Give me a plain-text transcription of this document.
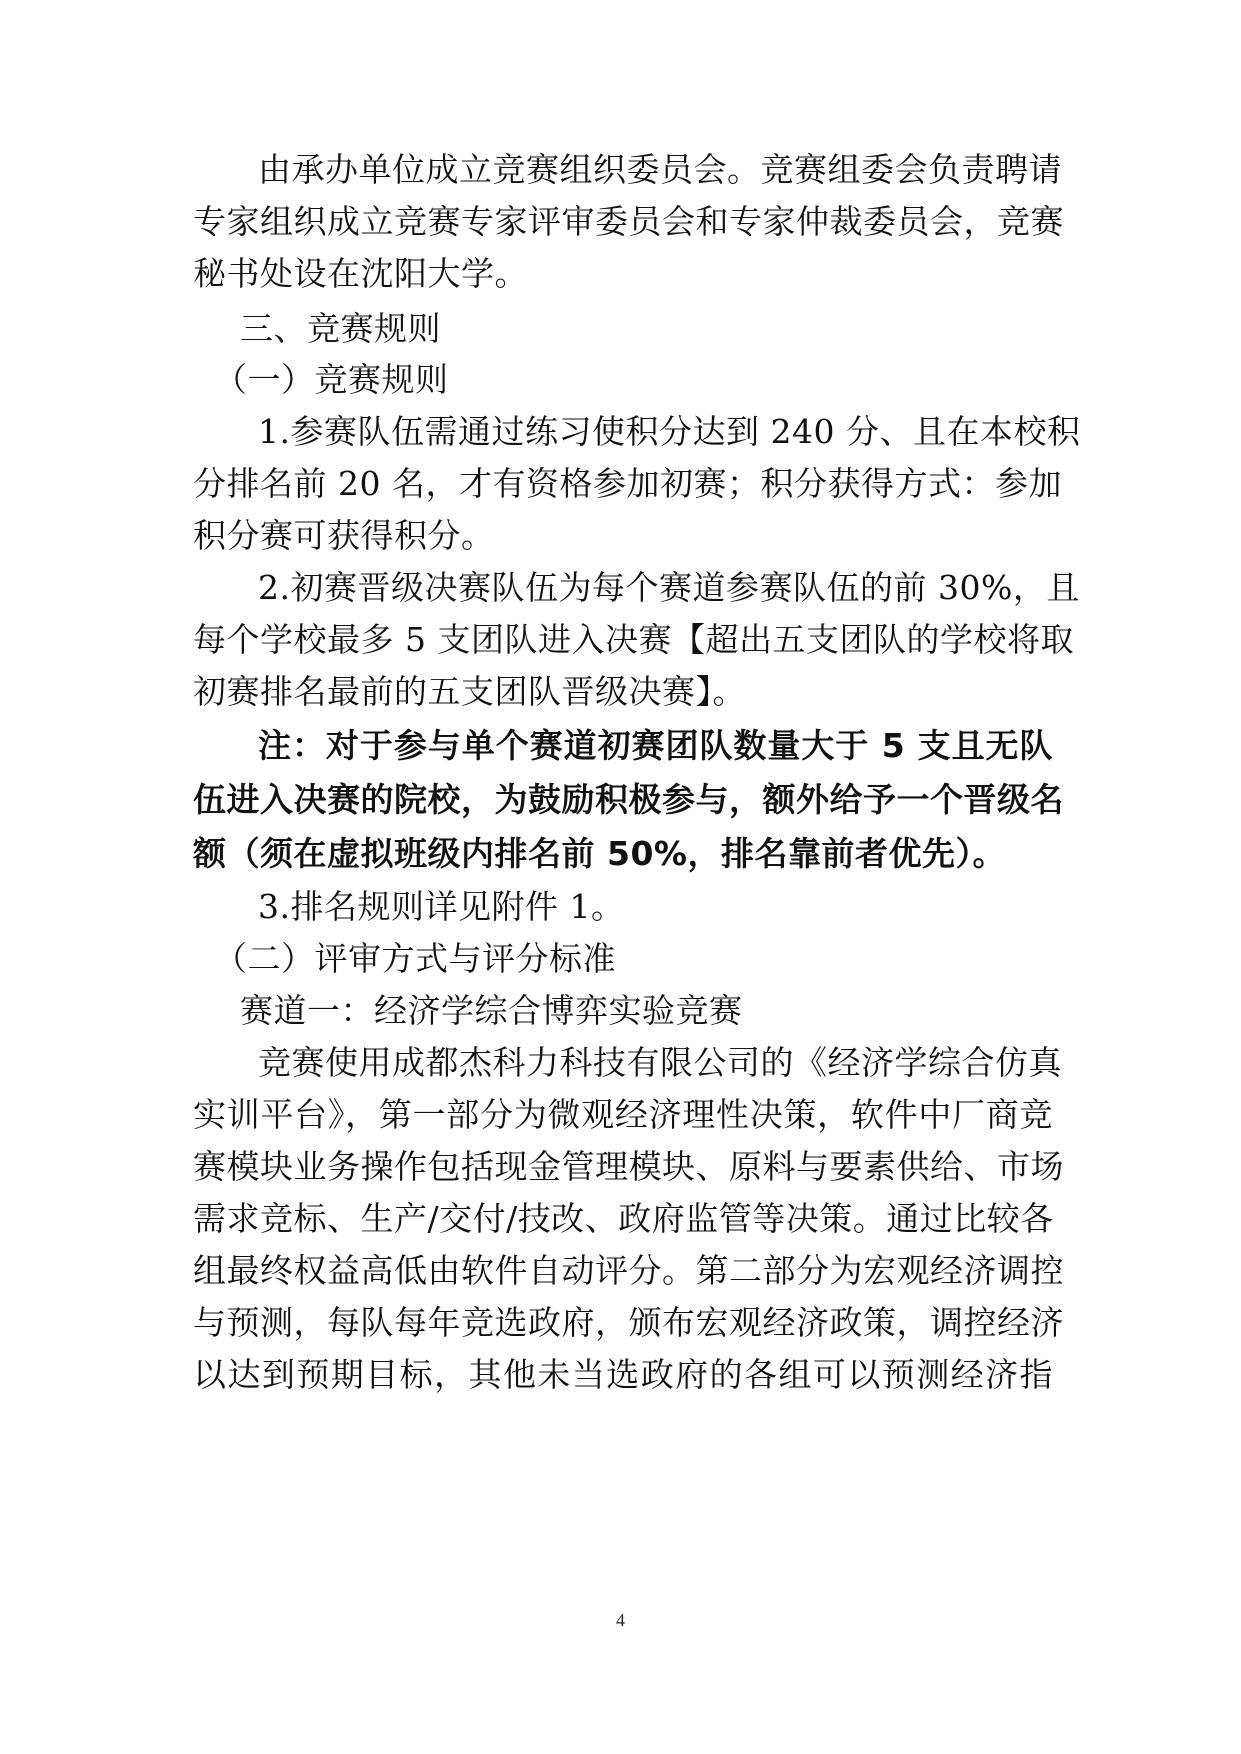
由承办单位成立竞赛组织委员会。竞赛组委会负责聘请
专家组织成立竞赛专家评审委员会和专家仲裁委员会，竞赛
秘书处设在沈阳大学。
三、竞赛规则
（一）竞赛规则
1.参赛队伍需通过练习使积分达到 240 分、且在本校积
分排名前 20 名，才有资格参加初赛；积分获得方式：参加
积分赛可获得积分。
2.初赛晋级决赛队伍为每个赛道参赛队伍的前 30%，且
每个学校最多 5 支团队进入决赛【超出五支团队的学校将取
初赛排名最前的五支团队晋级决赛】。
注：对于参与单个赛道初赛团队数量大于 5 支且无队
伍进入决赛的院校，为鼓励积极参与，额外给予一个晋级名
额（须在虚拟班级内排名前 50%，排名靠前者优先）。
3.排名规则详见附件 1。
（二）评审方式与评分标准
赛道一：经济学综合博弈实验竞赛
竞赛使用成都杰科力科技有限公司的《经济学综合仿真
实训平台》，第一部分为微观经济理性决策，软件中厂商竞
赛模块业务操作包括现金管理模块、原料与要素供给、市场
需求竞标、生产/交付/技改、政府监管等决策。通过比较各
组最终权益高低由软件自动评分。第二部分为宏观经济调控
与预测，每队每年竞选政府，颁布宏观经济政策，调控经济
以达到预期目标，其他未当选政府的各组可以预测经济指
4
